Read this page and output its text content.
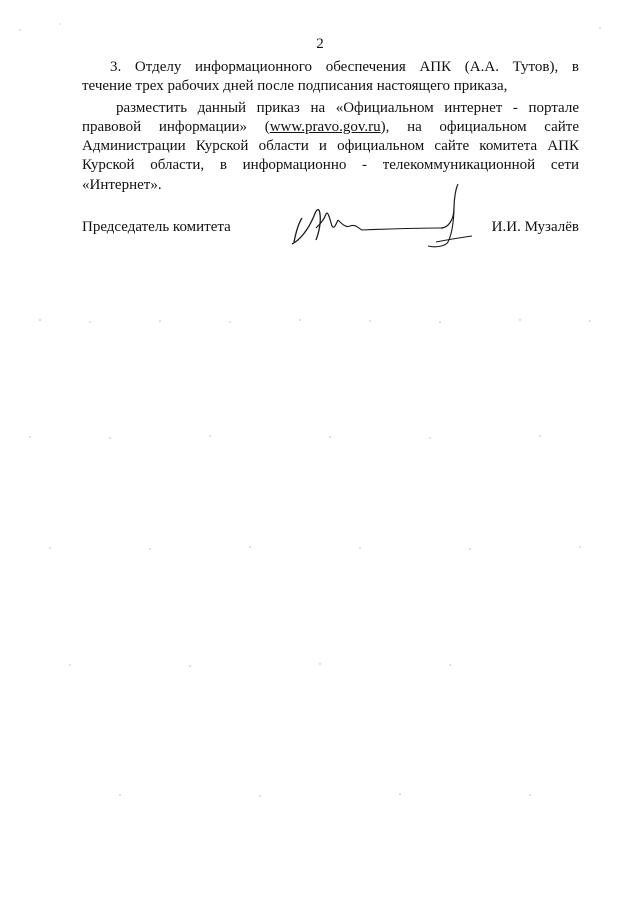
2
3. Отделу информационного обеспечения АПК (А.А. Тутов), в
течение трех рабочих дней после подписания настоящего приказа,
разместить данный приказ на «Официальном интернет - портале
правовой информации» (www.pravo.gov.ru), на официальном сайте
Администрации Курской области и официальном сайте комитета АПК
Курской области, в информационно - телекоммуникационной сети
«Интернет».
Председатель комитета	И.И. Музалёв
